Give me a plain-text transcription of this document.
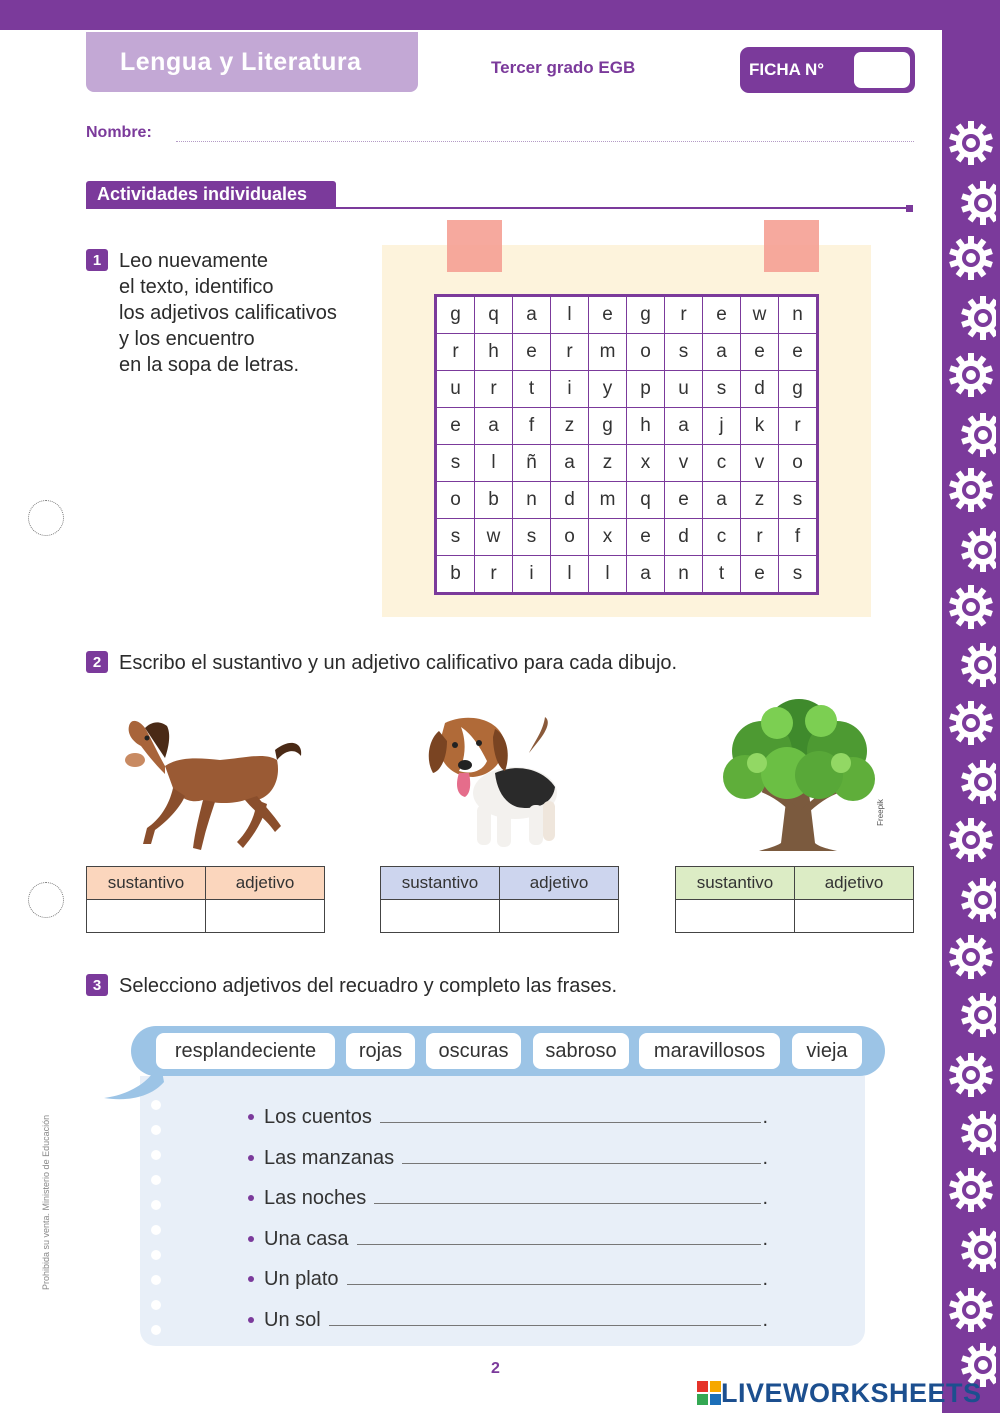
Lengua y Literatura	Tercer grado EGB	FICHA N°
Nombre:
Actividades individuales
1 Leo nuevamente
el texto, identifico
los adjetivos calificativos
y los encuentro
en la sopa de letras.
g	q	a	l	e	g	r	e	w	n
r	h	e	r	m	o	s	a	e	e
u	r	t	i	y	p	u	s	d	g
e	a	f	z	g	h	a	j	k	r
s	l	ñ	a	z	x	v	c	v	o
o	b	n	d	m	q	e	a	z	s
s	w	s	o	x	e	d	c	r	f
b	r	i	l	l	a	n	t	e	s
2 Escribo el sustantivo y un adjetivo calificativo para cada dibujo.
Freepik
sustantivo	adjetivo
		sustantivo	adjetivo
		sustantivo	adjetivo

3 Selecciono adjetivos del recuadro y completo las frases.
resplandeciente	rojas	oscuras	sabroso	maravillosos	vieja
Los cuentos	.
Las manzanas	.
Las noches	.
Una casa	.
Un plato	.
Un sol	.
Prohibida su venta. Ministerio de Educación
2
LIVEWORKSHEETS
